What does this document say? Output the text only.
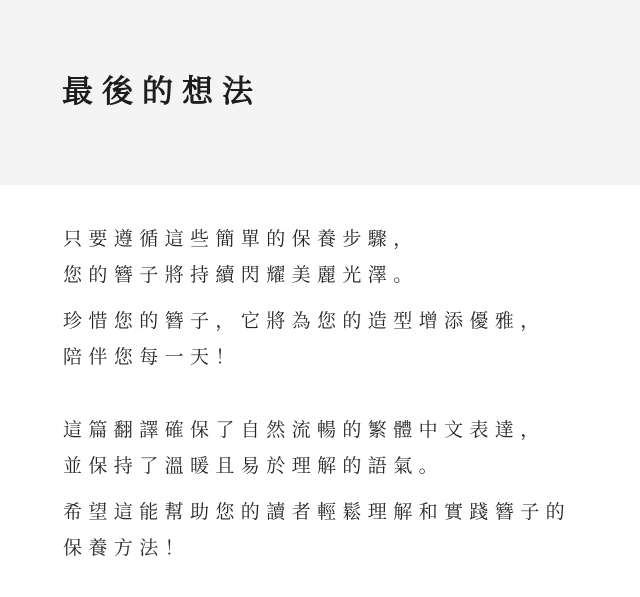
最後的想法

只要遵循這些簡單的保養步驟，
您的簪子將持續閃耀美麗光澤。

珍惜您的簪子，它將為您的造型增添優雅，
陪伴您每一天！

這篇翻譯確保了自然流暢的繁體中文表達，
並保持了溫暖且易於理解的語氣。

希望這能幫助您的讀者輕鬆理解和實踐簪子的
保養方法！
